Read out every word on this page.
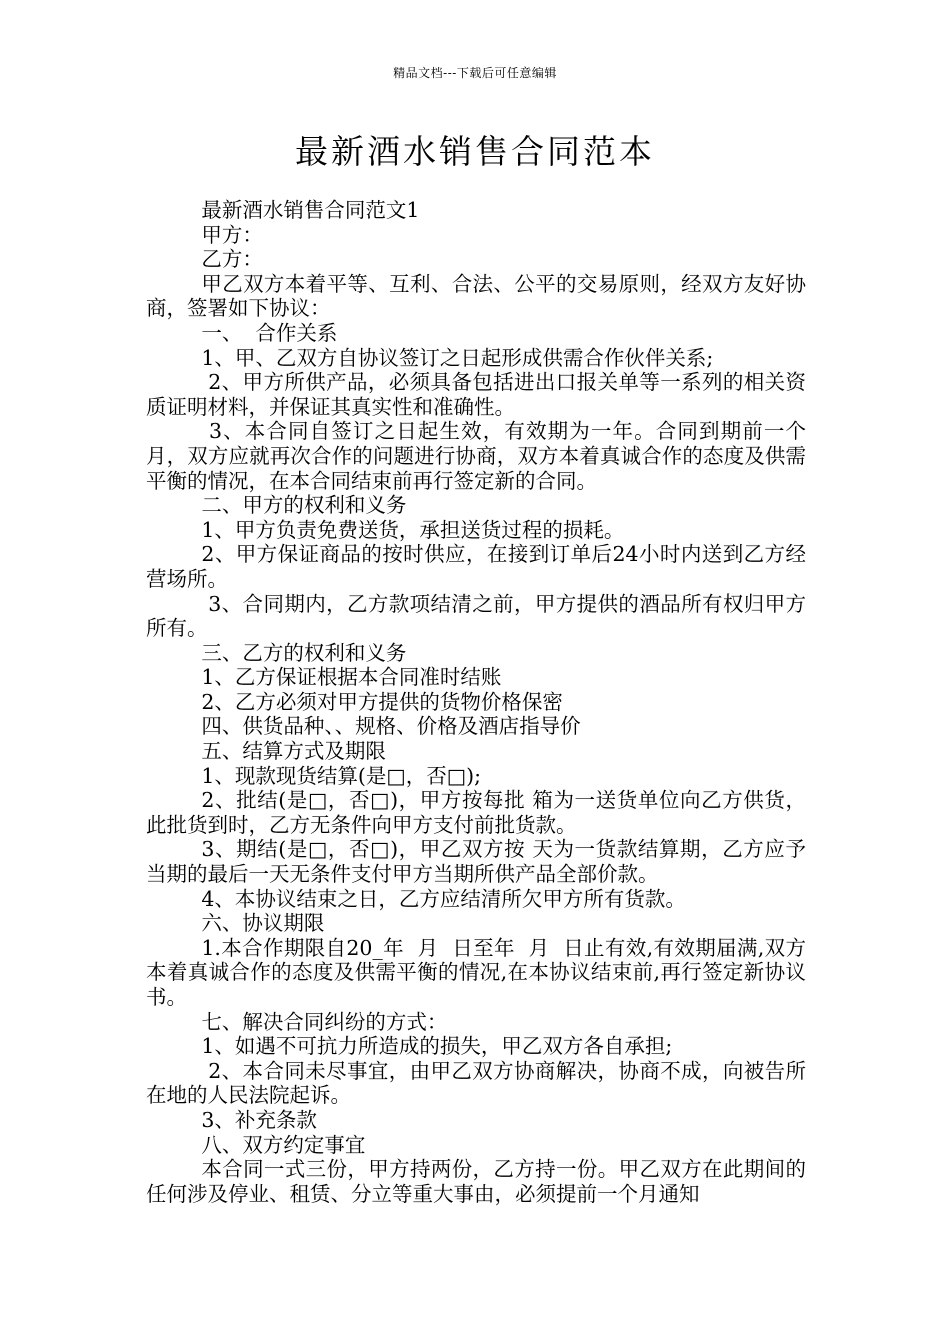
精品文档---下载后可任意编辑
最新酒水销售合同范本

最新酒水销售合同范文1

甲方：

乙方：

甲乙双方本着平等、互利、合法、公平的交易原则，经双方友好协商，签署如下协议：

一、  合作关系

1、甲、乙双方自协议签订之日起形成供需合作伙伴关系;

2、甲方所供产品，必须具备包括进出口报关单等一系列的相关资质证明材料，并保证其真实性和准确性。

3、本合同自签订之日起生效，有效期为一年。合同到期前一个月，双方应就再次合作的问题进行协商，双方本着真诚合作的态度及供需平衡的情况，在本合同结束前再行签定新的合同。

二、甲方的权利和义务

1、甲方负责免费送货，承担送货过程的损耗。

2、甲方保证商品的按时供应，在接到订单后24小时内送到乙方经营场所。

3、合同期内，乙方款项结清之前，甲方提供的酒品所有权归甲方所有。

三、乙方的权利和义务

1、乙方保证根据本合同准时结账

2、乙方必须对甲方提供的货物价格保密

四、供货品种、、规格、价格及酒店指导价

五、结算方式及期限

1、现款现货结算(是□，否□);

2、批结(是□，否□)，甲方按每批 箱为一送货单位向乙方供货，此批货到时，乙方无条件向甲方支付前批货款。

3、期结(是□，否□)，甲乙双方按 天为一货款结算期，乙方应予当期的最后一天无条件支付甲方当期所供产品全部价款。

4、本协议结束之日，乙方应结清所欠甲方所有货款。

六、协议期限

1.本合作期限自20_年  月  日至年  月  日止有效,有效期届满,双方本着真诚合作的态度及供需平衡的情况,在本协议结束前,再行签定新协议书。

七、解决合同纠纷的方式：

1、如遇不可抗力所造成的损失，甲乙双方各自承担;

2、本合同未尽事宜，由甲乙双方协商解决，协商不成，向被告所在地的人民法院起诉。

3、补充条款

八、双方约定事宜

本合同一式三份，甲方持两份，乙方持一份。甲乙双方在此期间的任何涉及停业、租赁、分立等重大事由，必须提前一个月通知
